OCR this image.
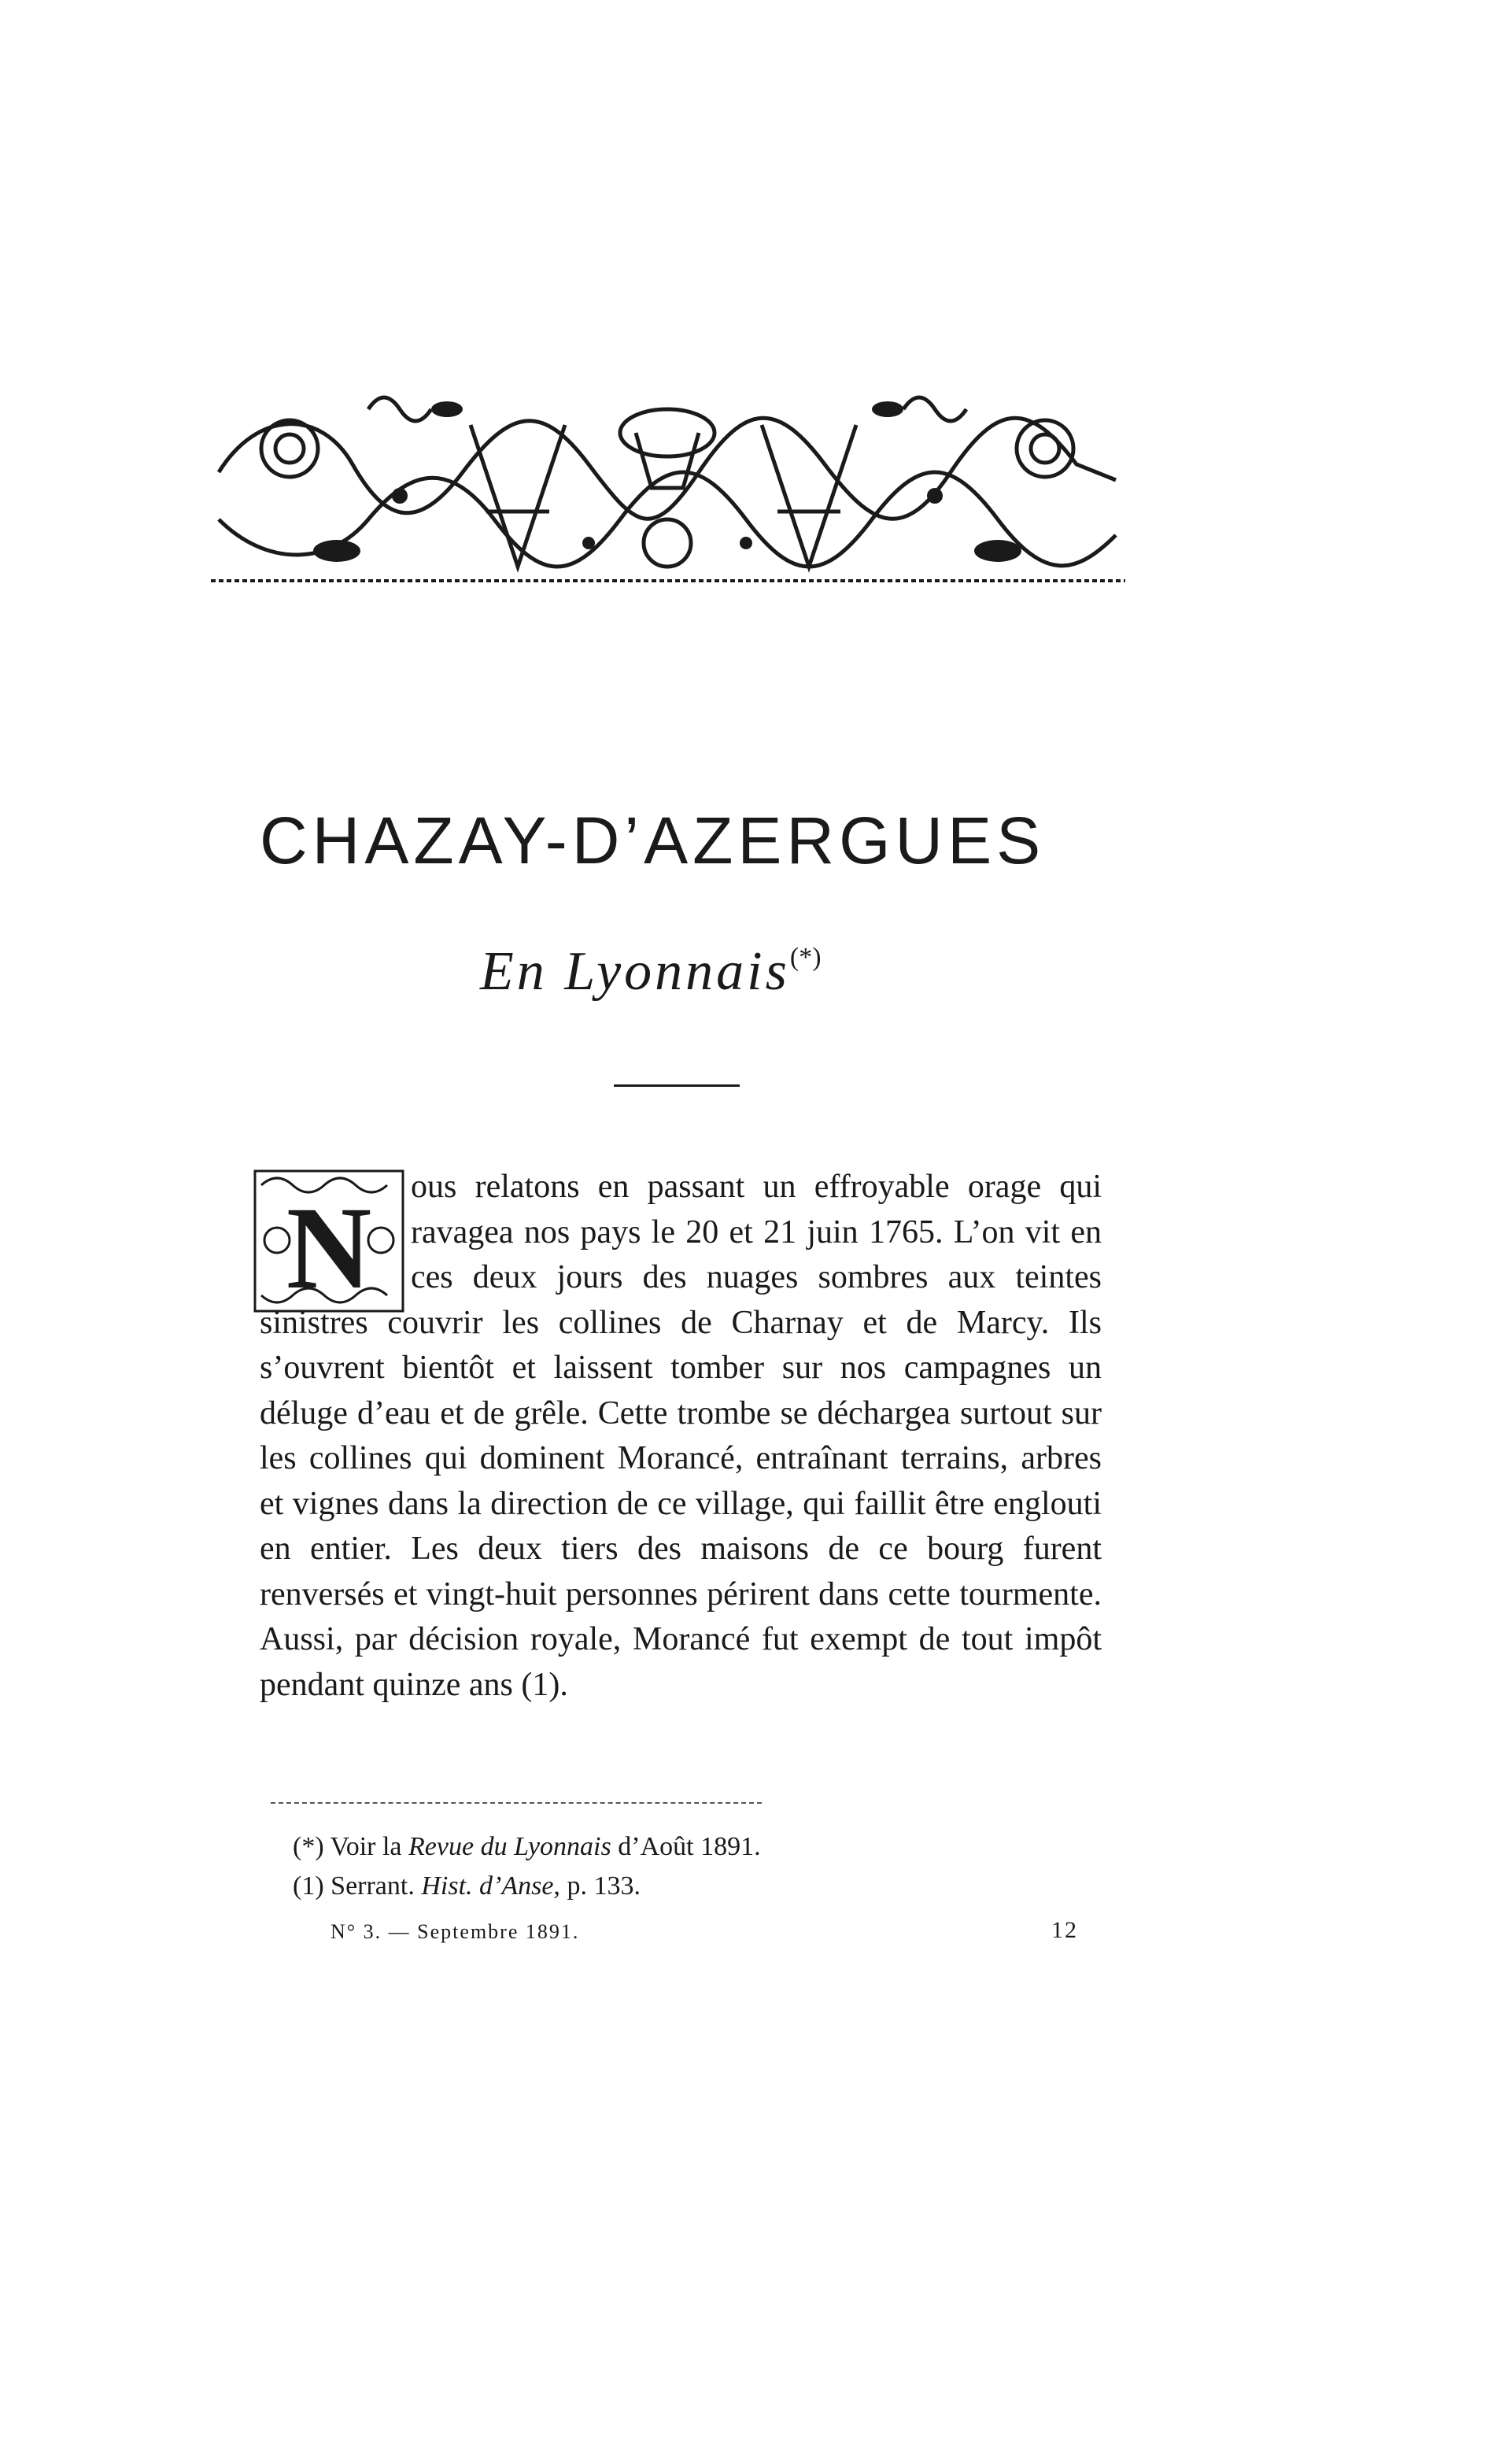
CHAZAY-D’AZERGUES
En Lyonnais(*)
N	ous relatons en passant un effroyable orage qui ravagea nos pays le 20 et 21 juin 1765. L’on vit en ces deux jours des nuages sombres aux teintes sinistres couvrir les collines de Charnay et de Marcy. Ils s’ouvrent bientôt et laissent tomber sur nos campagnes un déluge d’eau et de grêle. Cette trombe se déchargea surtout sur les collines qui dominent Morancé, entraînant terrains, arbres et vignes dans la direction de ce village, qui faillit être englouti en entier. Les deux tiers des maisons de ce bourg furent renversés et vingt-huit personnes périrent dans cette tourmente. Aussi, par décision royale, Morancé fut exempt de tout impôt pendant quinze ans (1).
(*) Voir la Revue du Lyonnais d’Août 1891.
(1) Serrant. Hist. d’Anse, p. 133.
N° 3. — Septembre 1891.	12
